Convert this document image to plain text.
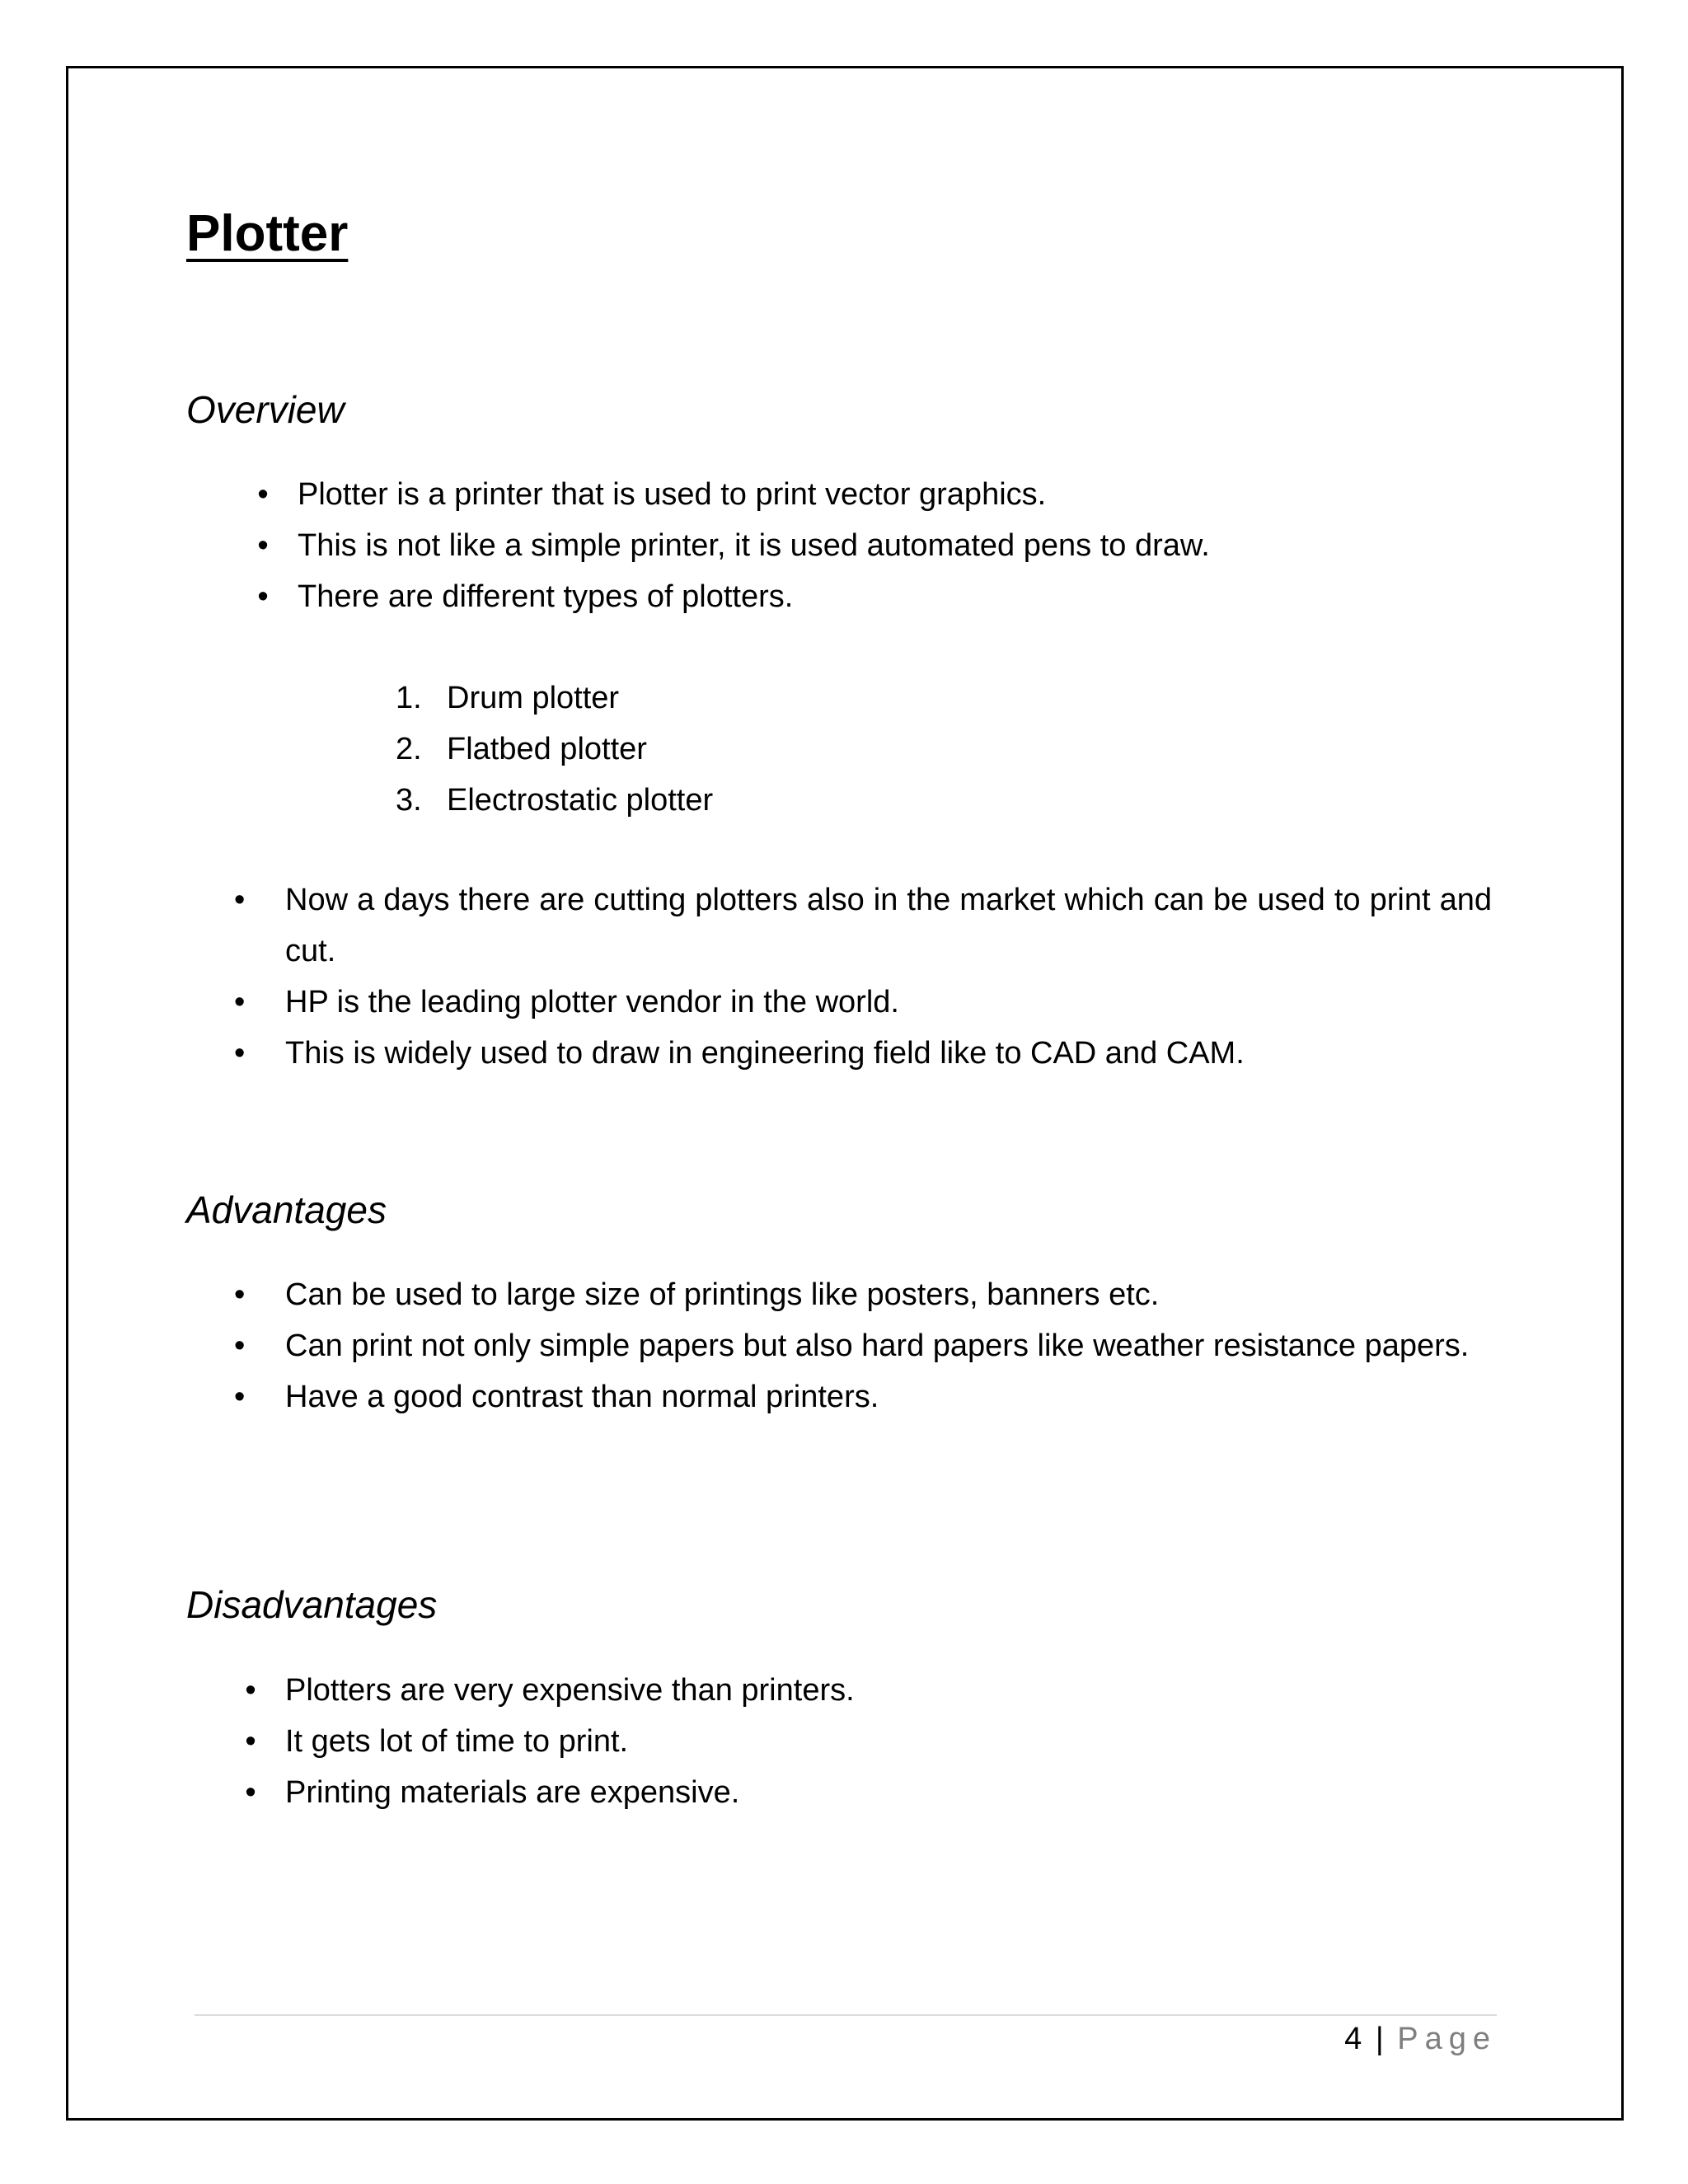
Plotter
Overview
• Plotter is a printer that is used to print vector graphics.
• This is not like a simple printer, it is used automated pens to draw.
• There are different types of plotters.
1. Drum plotter
2. Flatbed plotter
3. Electrostatic plotter
•	Now a days there are cutting plotters also in the market which can be used to print and cut.
•	HP is the leading plotter vendor in the world.
•	This is widely used to draw in engineering field like to CAD and CAM.
Advantages
•	Can be used to large size of printings like posters, banners etc.
•	Can print not only simple papers but also hard papers like weather resistance papers.
•	Have a good contrast than normal printers.
Disadvantages
• Plotters are very expensive than printers.
• It gets lot of time to print.
• Printing materials are expensive.
4 | Page
